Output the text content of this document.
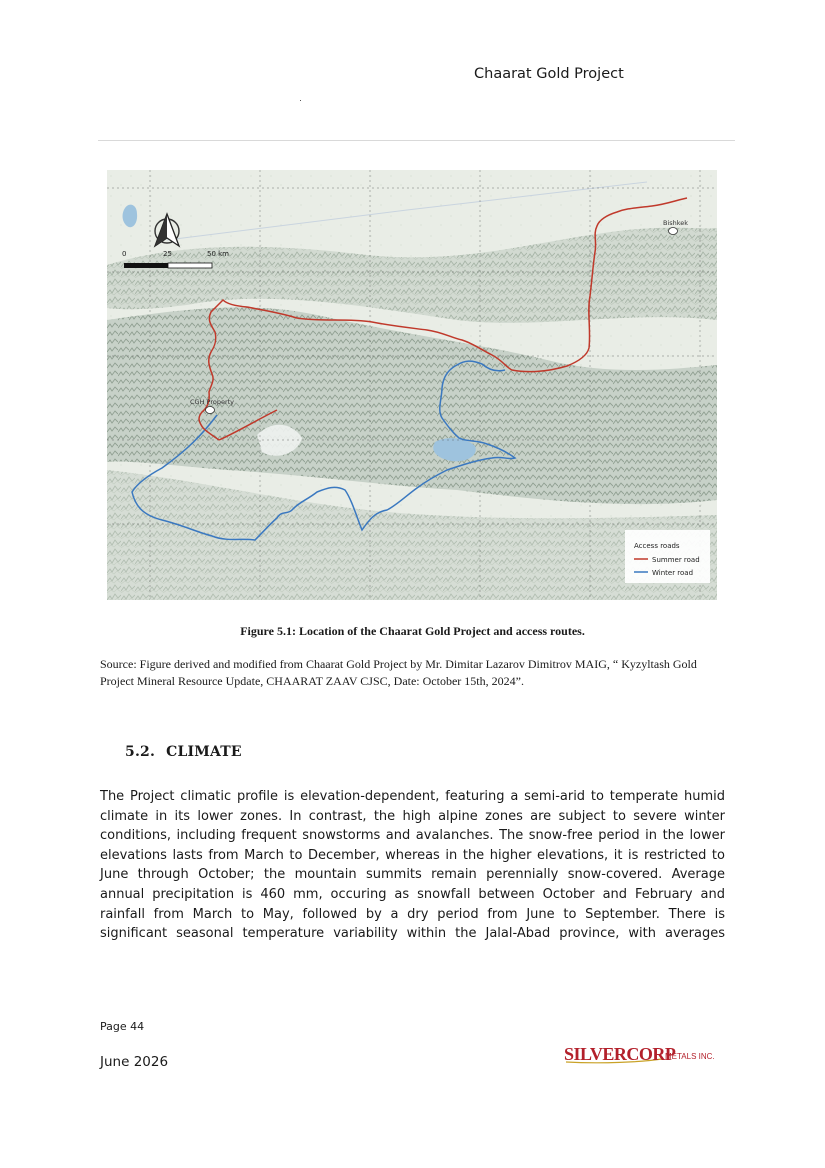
Chaarat Gold Project
Bishkek
CGH Property
0	25	50 km
Access roads
Summer road
Winter road
Figure 5.1: Location of the Chaarat Gold Project and access routes.
Source: Figure derived and modified from Chaarat Gold Project by Mr. Dimitar Lazarov Dimitrov MAIG, “ Kyzyltash Gold Project Mineral Resource Update, CHAARAT ZAAV CJSC, Date: October 15th, 2024”.
5.2. CLIMATE
The Project climatic profile is elevation-dependent, featuring a semi-arid to temperate humid climate in its lower zones. In contrast, the high alpine zones are subject to severe winter conditions, including frequent snowstorms and avalanches. The snow-free period in the lower elevations lasts from March to December, whereas in the higher elevations, it is restricted to June through October; the mountain summits remain perennially snow-covered. Average annual precipitation is 460 mm, occuring as snowfall between October and February and rainfall from March to May, followed by a dry period from June to September. There is significant seasonal temperature variability within the Jalal-Abad province, with averages
Page 44
June 2026	SILVERCORP
METALS INC.
